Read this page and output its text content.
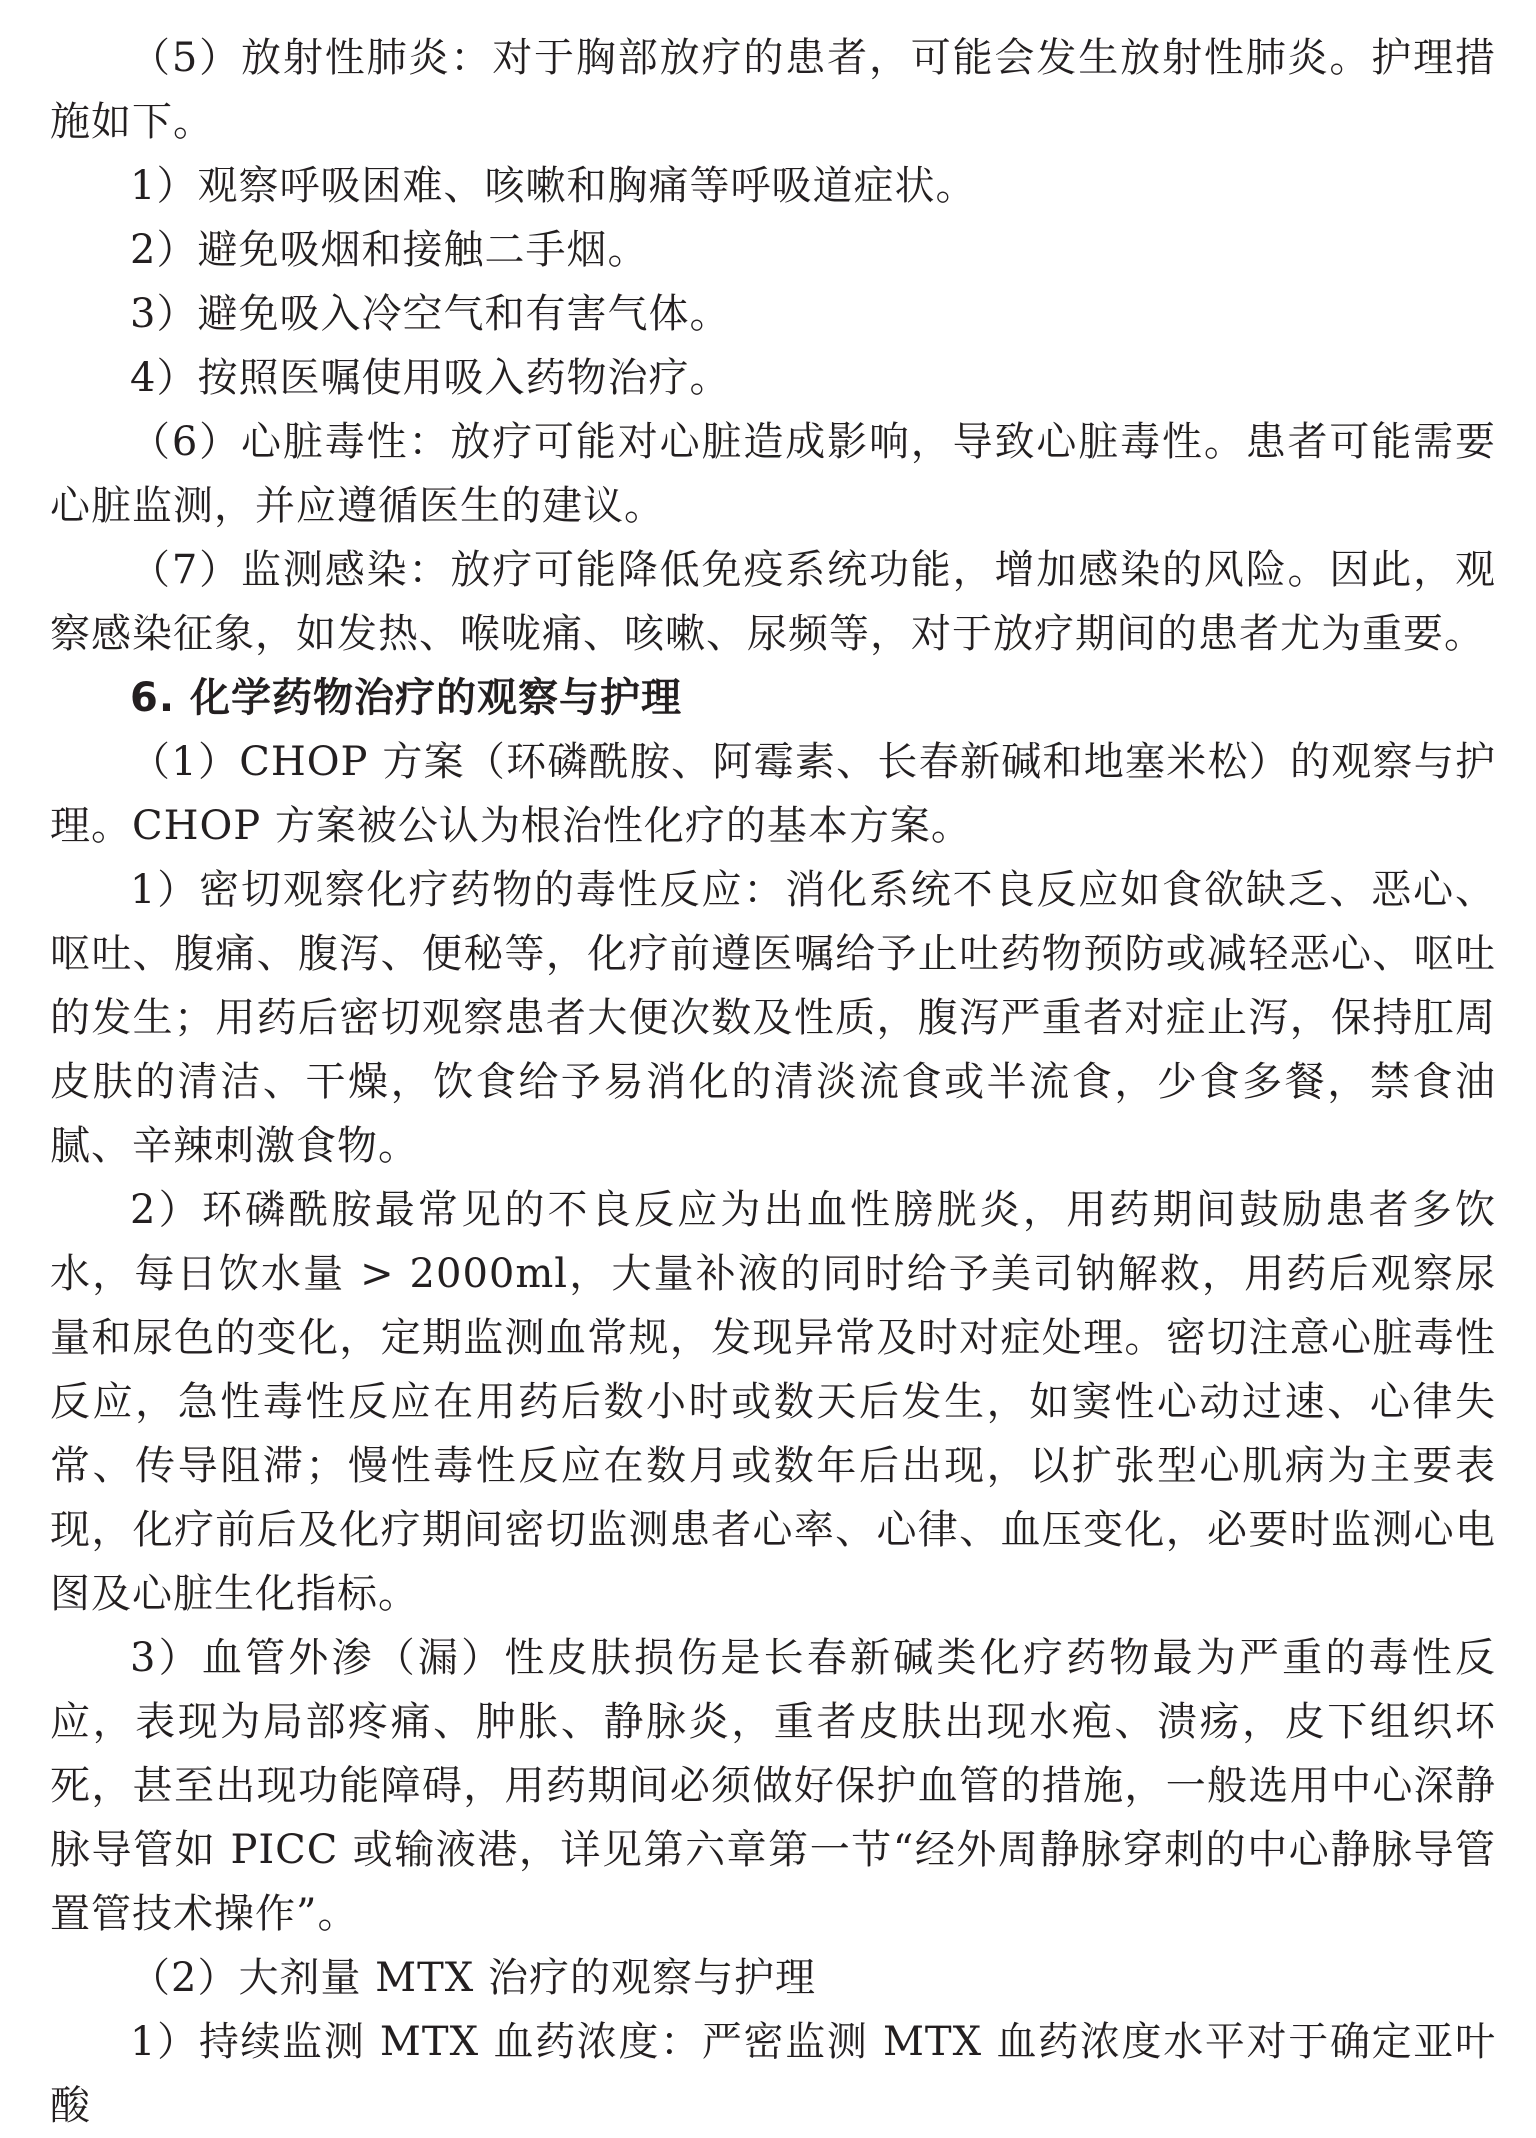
（5）放射性肺炎：对于胸部放疗的患者，可能会发生放射性肺炎。护理措施如下。

1）观察呼吸困难、咳嗽和胸痛等呼吸道症状。

2）避免吸烟和接触二手烟。

3）避免吸入冷空气和有害气体。

4）按照医嘱使用吸入药物治疗。

（6）心脏毒性：放疗可能对心脏造成影响，导致心脏毒性。患者可能需要心脏监测，并应遵循医生的建议。

（7）监测感染：放疗可能降低免疫系统功能，增加感染的风险。因此，观察感染征象，如发热、喉咙痛、咳嗽、尿频等，对于放疗期间的患者尤为重要。

6. 化学药物治疗的观察与护理

（1）CHOP 方案（环磷酰胺、阿霉素、长春新碱和地塞米松）的观察与护理。CHOP 方案被公认为根治性化疗的基本方案。

1）密切观察化疗药物的毒性反应：消化系统不良反应如食欲缺乏、恶心、呕吐、腹痛、腹泻、便秘等，化疗前遵医嘱给予止吐药物预防或减轻恶心、呕吐的发生；用药后密切观察患者大便次数及性质，腹泻严重者对症止泻，保持肛周皮肤的清洁、干燥，饮食给予易消化的清淡流食或半流食，少食多餐，禁食油腻、辛辣刺激食物。

2）环磷酰胺最常见的不良反应为出血性膀胱炎，用药期间鼓励患者多饮水，每日饮水量 > 2000ml，大量补液的同时给予美司钠解救，用药后观察尿量和尿色的变化，定期监测血常规，发现异常及时对症处理。密切注意心脏毒性反应，急性毒性反应在用药后数小时或数天后发生，如窦性心动过速、心律失常、传导阻滞；慢性毒性反应在数月或数年后出现，以扩张型心肌病为主要表现，化疗前后及化疗期间密切监测患者心率、心律、血压变化，必要时监测心电图及心脏生化指标。

3）血管外渗（漏）性皮肤损伤是长春新碱类化疗药物最为严重的毒性反应，表现为局部疼痛、肿胀、静脉炎，重者皮肤出现水疱、溃疡，皮下组织坏死，甚至出现功能障碍，用药期间必须做好保护血管的措施，一般选用中心深静脉导管如 PICC 或输液港，详见第六章第一节“经外周静脉穿刺的中心静脉导管置管技术操作”。

（2）大剂量 MTX 治疗的观察与护理

1）持续监测 MTX 血药浓度：严密监测 MTX 血药浓度水平对于确定亚叶酸
